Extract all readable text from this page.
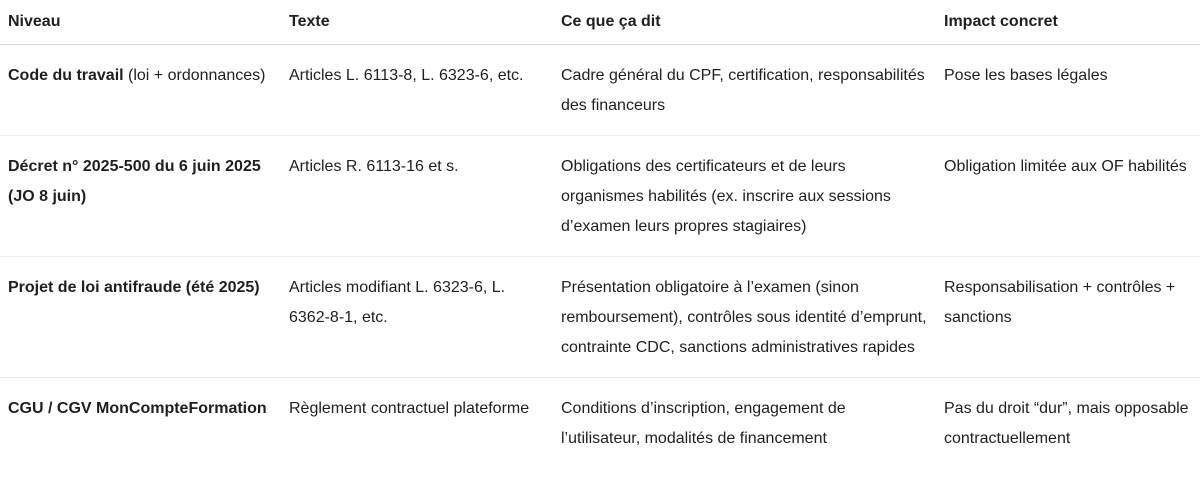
Niveau	Texte	Ce que ça dit	Impact concret
Code du travail (loi + ordonnances)	Articles L. 6113-8, L. 6323-6, etc.	Cadre général du CPF, certification, responsabilités des financeurs	Pose les bases légales
Décret n° 2025-500 du 6 juin 2025 (JO 8 juin)	Articles R. 6113-16 et s.	Obligations des certificateurs et de leurs organismes habilités (ex. inscrire aux sessions d’examen leurs propres stagiaires)	Obligation limitée aux OF habilités
Projet de loi antifraude (été 2025)	Articles modifiant L. 6323-6, L. 6362-8-1, etc.	Présentation obligatoire à l’examen (sinon remboursement), contrôles sous identité d’emprunt, contrainte CDC, sanctions administratives rapides	Responsabilisation + contrôles + sanctions
CGU / CGV MonCompteFormation	Règlement contractuel plateforme	Conditions d’inscription, engagement de l’utilisateur, modalités de financement	Pas du droit “dur”, mais opposable contractuellement
